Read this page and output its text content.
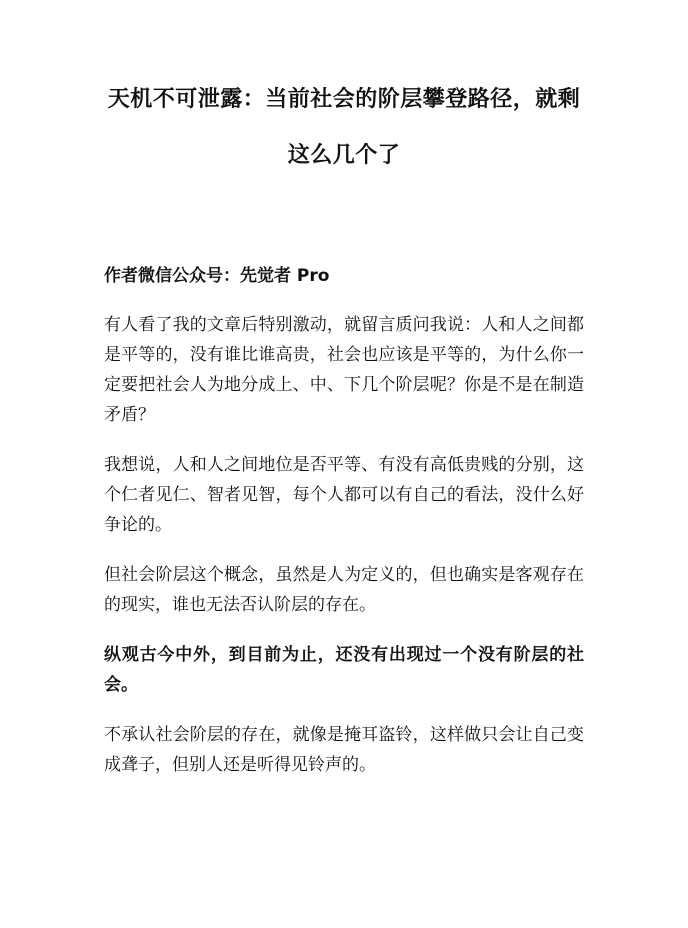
天机不可泄露：当前社会的阶层攀登路径，就剩这么几个了

作者微信公众号：先觉者 Pro

有人看了我的文章后特别激动，就留言质问我说：人和人之间都是平等的，没有谁比谁高贵，社会也应该是平等的，为什么你一定要把社会人为地分成上、中、下几个阶层呢？你是不是在制造矛盾？

我想说，人和人之间地位是否平等、有没有高低贵贱的分别，这个仁者见仁、智者见智，每个人都可以有自己的看法，没什么好争论的。

但社会阶层这个概念，虽然是人为定义的，但也确实是客观存在的现实，谁也无法否认阶层的存在。

纵观古今中外，到目前为止，还没有出现过一个没有阶层的社会。

不承认社会阶层的存在，就像是掩耳盗铃，这样做只会让自己变成聋子，但别人还是听得见铃声的。
